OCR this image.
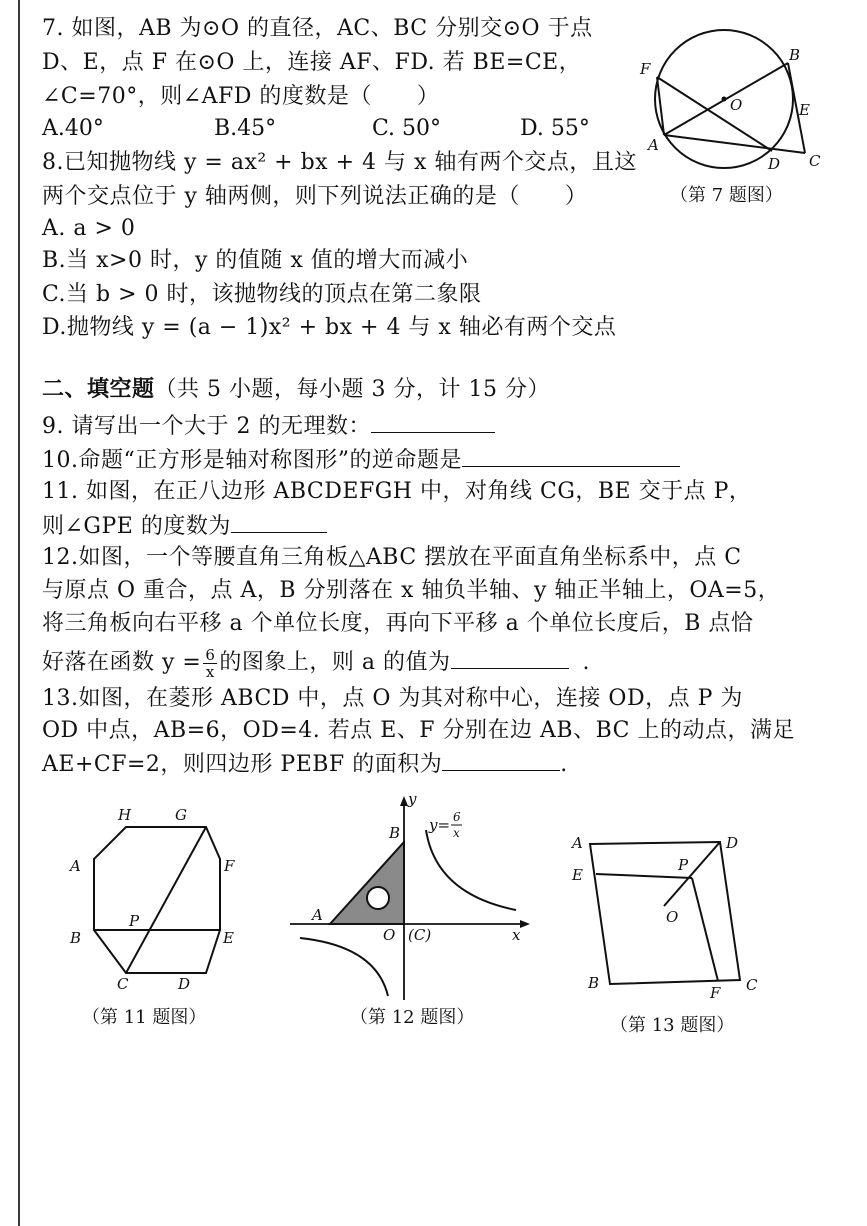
7. 如图，AB 为⊙O 的直径，AC、BC 分别交⊙O 于点
D、E，点 F 在⊙O 上，连接 AF、FD. 若 BE=CE，
∠C=70°，则∠AFD 的度数是（　　）
A.40°	B.45°	C. 50°	D. 55°
F
B
O	E
A
D C
（第 7 题图）
8.已知抛物线 y = ax² + bx + 4 与 x 轴有两个交点，且这
两个交点位于 y 轴两侧，则下列说法正确的是（　　）
A. a > 0
B.当 x>0 时，y 的值随 x 值的增大而减小
C.当 b > 0 时，该抛物线的顶点在第二象限
D.抛物线 y = (a − 1)x² + bx + 4 与 x 轴必有两个交点
二、填空题（共 5 小题，每小题 3 分，计 15 分）
9. 请写出一个大于 2 的无理数：
10.命题“正方形是轴对称图形”的逆命题是
11. 如图，在正八边形 ABCDEFGH 中，对角线 CG，BE 交于点 P，
则∠GPE 的度数为
12.如图，一个等腰直角三角板△ABC 摆放在平面直角坐标系中，点 C
与原点 O 重合，点 A，B 分别落在 x 轴负半轴、y 轴正半轴上，OA=5，
将三角板向右平移 a 个单位长度，再向下平移 a 个单位长度后，B 点恰
好落在函数 $y = \frac{6}{x}$ 的图象上，则 a 的值为	.
13.如图，在菱形 ABCD 中，点 O 为其对称中心，连接 OD，点 P 为
OD 中点，AB=6，OD=4. 若点 E、F 分别在边 AB、BC 上的动点，满足
AE+CF=2，则四边形 PEBF 的面积为	.
H	G
A	F
P
B	E
C	D
（第 11 题图）
y
y= 6
x
B
A
O (C)	x
（第 12 题图）
A	D
E
P
O
B
F C
（第 13 题图）
